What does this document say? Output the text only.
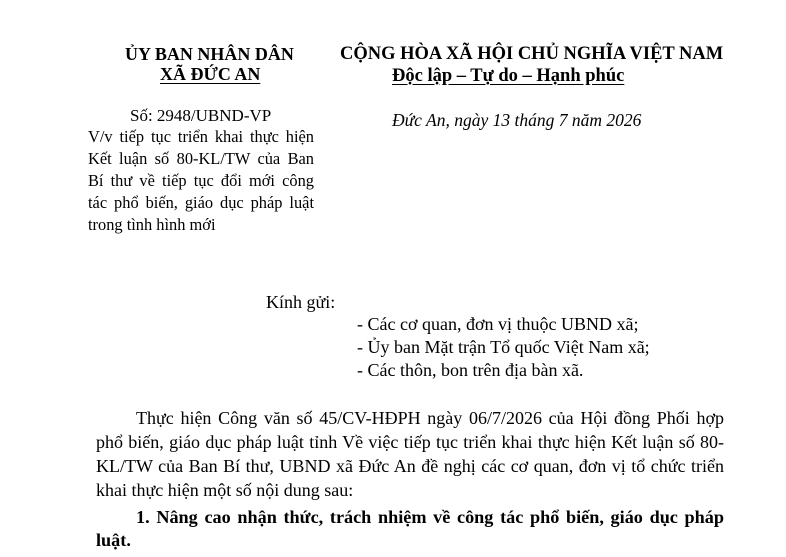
ỦY BAN NHÂN DÂN
XÃ ĐỨC AN
CỘNG HÒA XÃ HỘI CHỦ NGHĨA VIỆT NAM
Độc lập – Tự do – Hạnh phúc
Số: 2948/UBND-VP
V/v tiếp tục triển khai thực hiện Kết luận số 80-KL/TW của Ban Bí thư về tiếp tục đổi mới công tác phổ biến, giáo dục pháp luật trong tình hình mới
Đức An, ngày 13 tháng 7 năm 2026
Kính gửi:
- Các cơ quan, đơn vị thuộc UBND xã;
- Ủy ban Mặt trận Tổ quốc Việt Nam xã;
- Các thôn, bon trên địa bàn xã.

Thực hiện Công văn số 45/CV-HĐPH ngày 06/7/2026 của Hội đồng Phối hợp phổ biến, giáo dục pháp luật tỉnh Về việc tiếp tục triển khai thực hiện Kết luận số 80-KL/TW của Ban Bí thư, UBND xã Đức An đề nghị các cơ quan, đơn vị tổ chức triển khai thực hiện một số nội dung sau:

1. Nâng cao nhận thức, trách nhiệm về công tác phổ biến, giáo dục pháp luật.
